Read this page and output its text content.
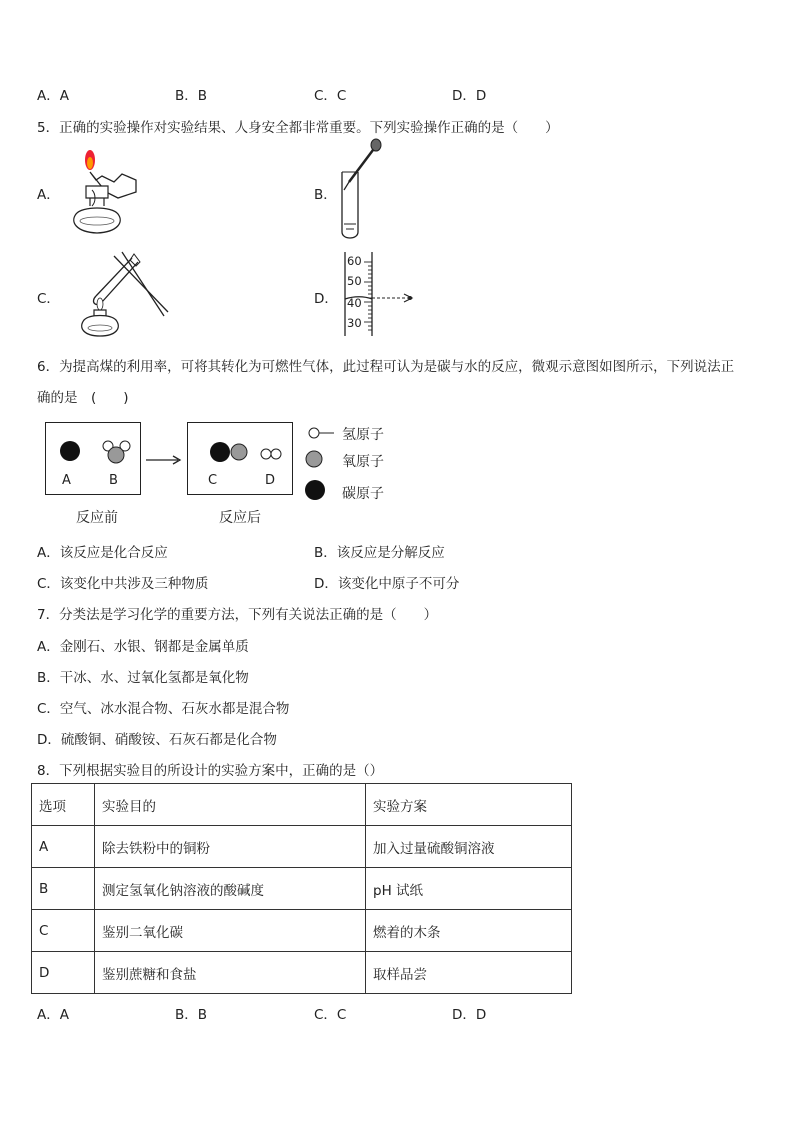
A．A	B．B	C．C	D．D
5．正确的实验操作对实验结果、人身安全都非常重要。下列实验操作正确的是（　　）
A．	B．
C．	D．
60
50
40
30
6．为提高煤的利用率，可将其转化为可燃性气体，此过程可认为是碳与水的反应，微观示意图如图所示，下列说法正
确的是　(　　)
A	B	C	D
反应前	反应后
氢原子
氧原子
碳原子
A．该反应是化合反应	B．该反应是分解反应
C．该变化中共涉及三种物质	D．该变化中原子不可分
7．分类法是学习化学的重要方法，下列有关说法正确的是（　　）
A．金刚石、水银、钢都是金属单质
B．干冰、水、过氧化氢都是氧化物
C．空气、冰水混合物、石灰水都是混合物
D．硫酸铜、硝酸铵、石灰石都是化合物
8．下列根据实验目的所设计的实验方案中，正确的是（）
选项	实验目的	实验方案
A	除去铁粉中的铜粉	加入过量硫酸铜溶液
B	测定氢氧化钠溶液的酸碱度	pH 试纸
C	鉴别二氧化碳	燃着的木条
D	鉴别蔗糖和食盐	取样品尝
A．A	B．B	C．C	D．D
